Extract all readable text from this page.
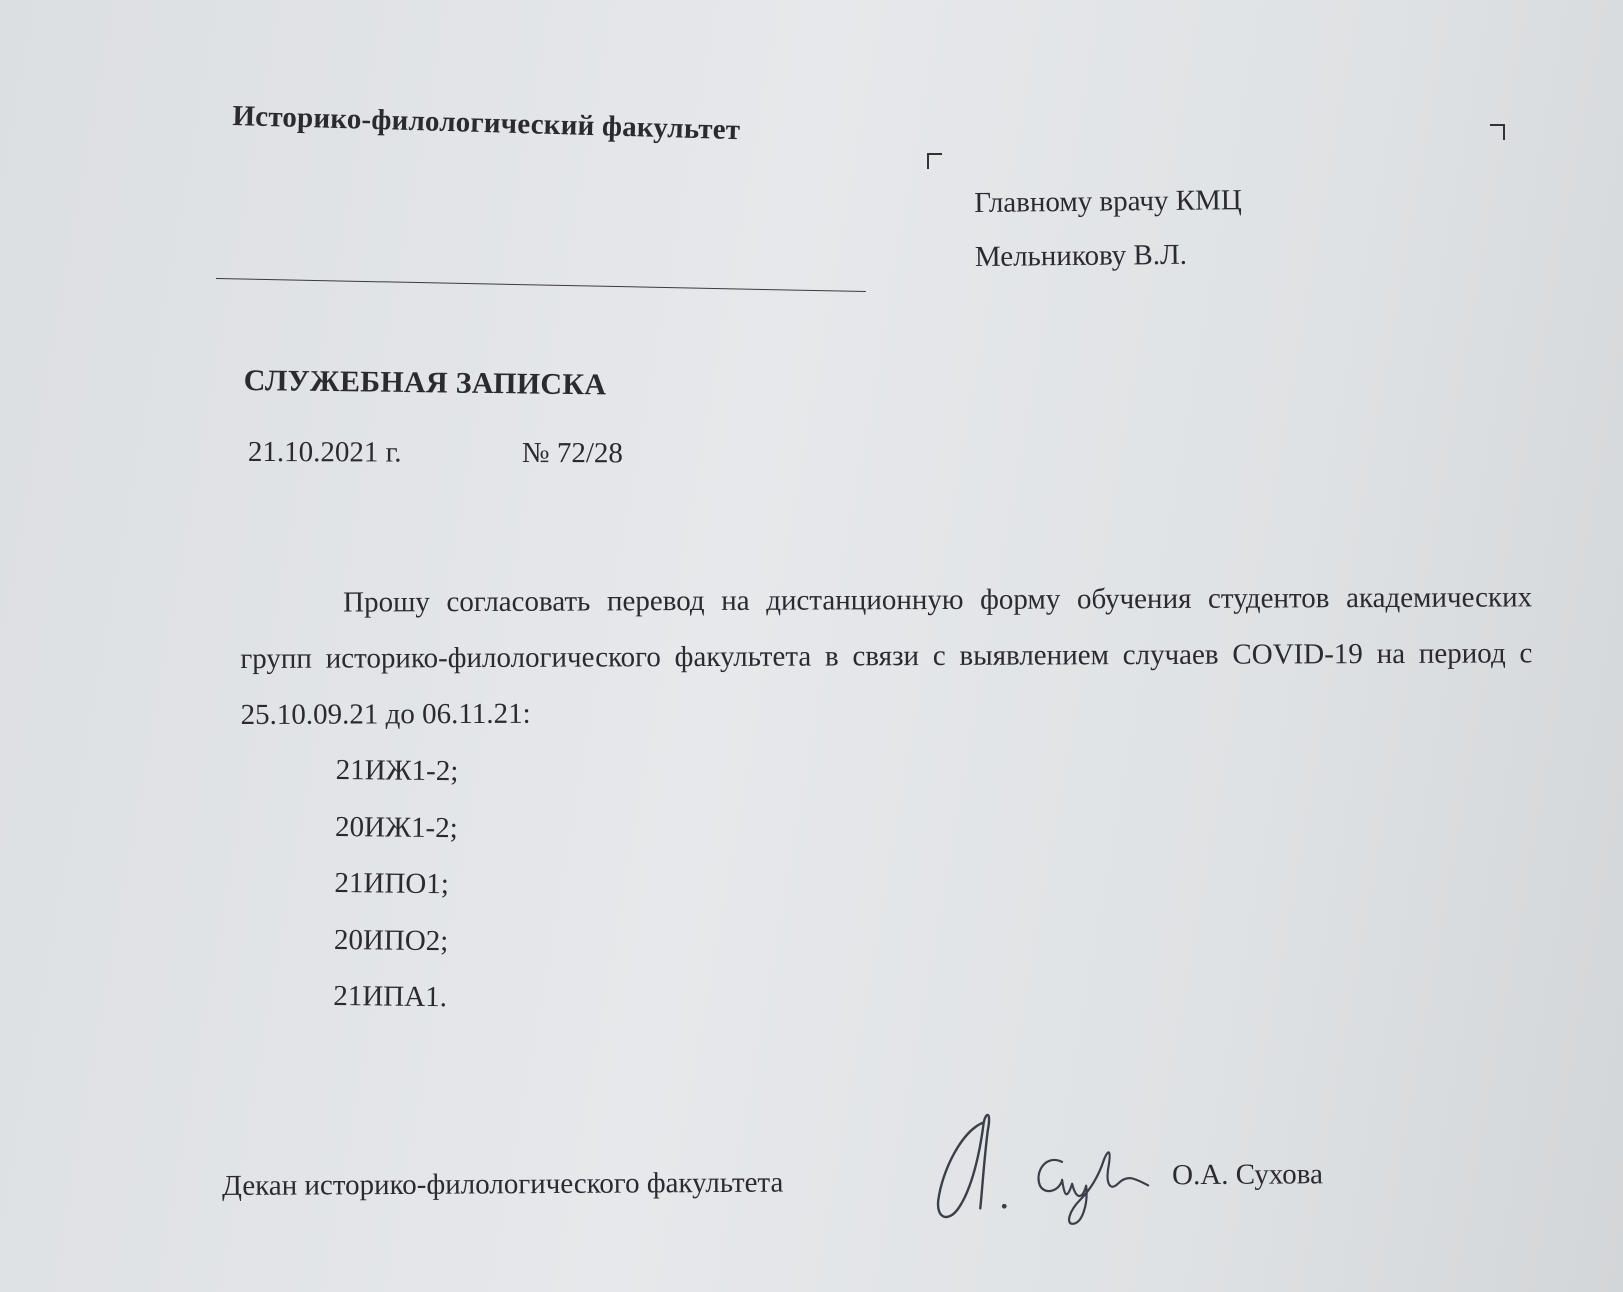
Историко-филологический факультет
Главному врачу КМЦ
Мельникову В.Л.
СЛУЖЕБНАЯ ЗАПИСКА
21.10.2021 г.	№ 72/28
Прошу согласовать перевод на дистанционную форму обучения студентов академических групп историко-филологического факультета в связи с выявлением случаев COVID-19 на период с 25.10.09.21 до 06.11.21:
21ИЖ1-2;
20ИЖ1-2;
21ИПО1;
20ИПО2;
21ИПА1.
Декан историко-филологического факультета	О.А. Сухова
